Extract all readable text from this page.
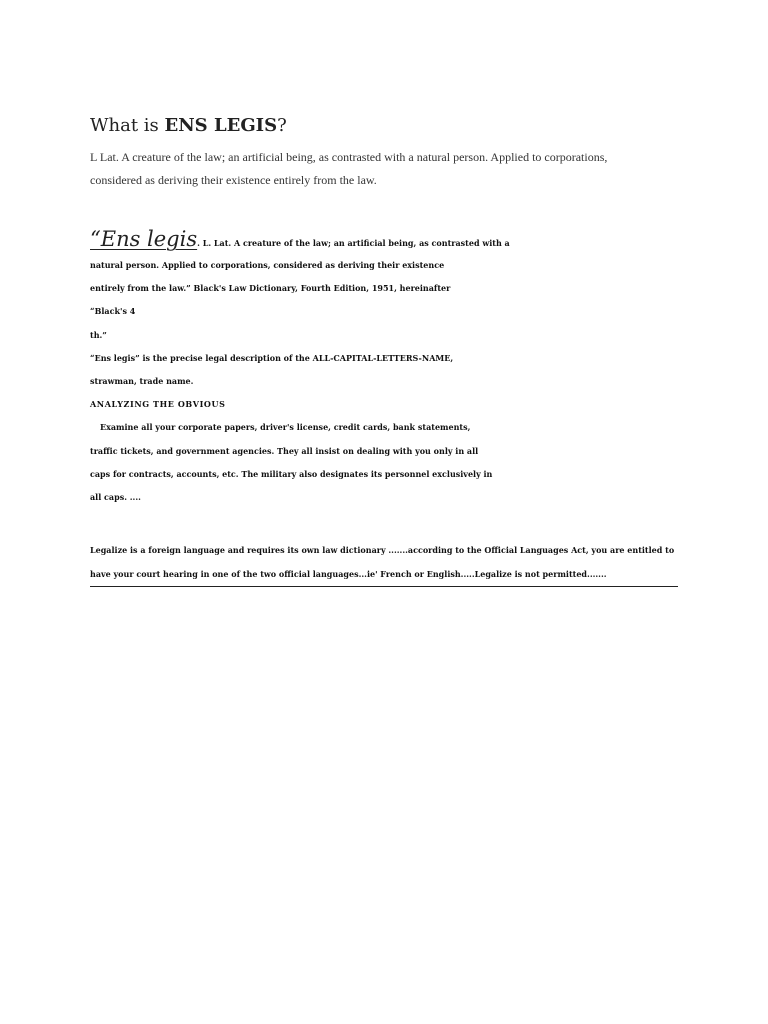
What is ENS LEGIS?

L Lat. A creature of the law; an artificial being, as contrasted with a natural person. Applied to corporations,
considered as deriving their existence entirely from the law.

“Ens legis. L. Lat. A creature of the law; an artificial being, as contrasted with a
natural person. Applied to corporations, considered as deriving their existence
entirely from the law.” Black's Law Dictionary, Fourth Edition, 1951, hereinafter
“Black's 4
th.”
“Ens legis” is the precise legal description of the ALL-CAPITAL-LETTERS-NAME,
strawman, trade name.
ANALYZING THE OBVIOUS
Examine all your corporate papers, driver's license, credit cards, bank statements,
traffic tickets, and government agencies. They all insist on dealing with you only in all
caps for contracts, accounts, etc. The military also designates its personnel exclusively in
all caps. ....
Legalize is a foreign language and requires its own law dictionary .......according to the Official Languages Act, you are entitled to
have your court hearing in one of the two official languages...ie' French or English.....Legalize is not permitted.......
